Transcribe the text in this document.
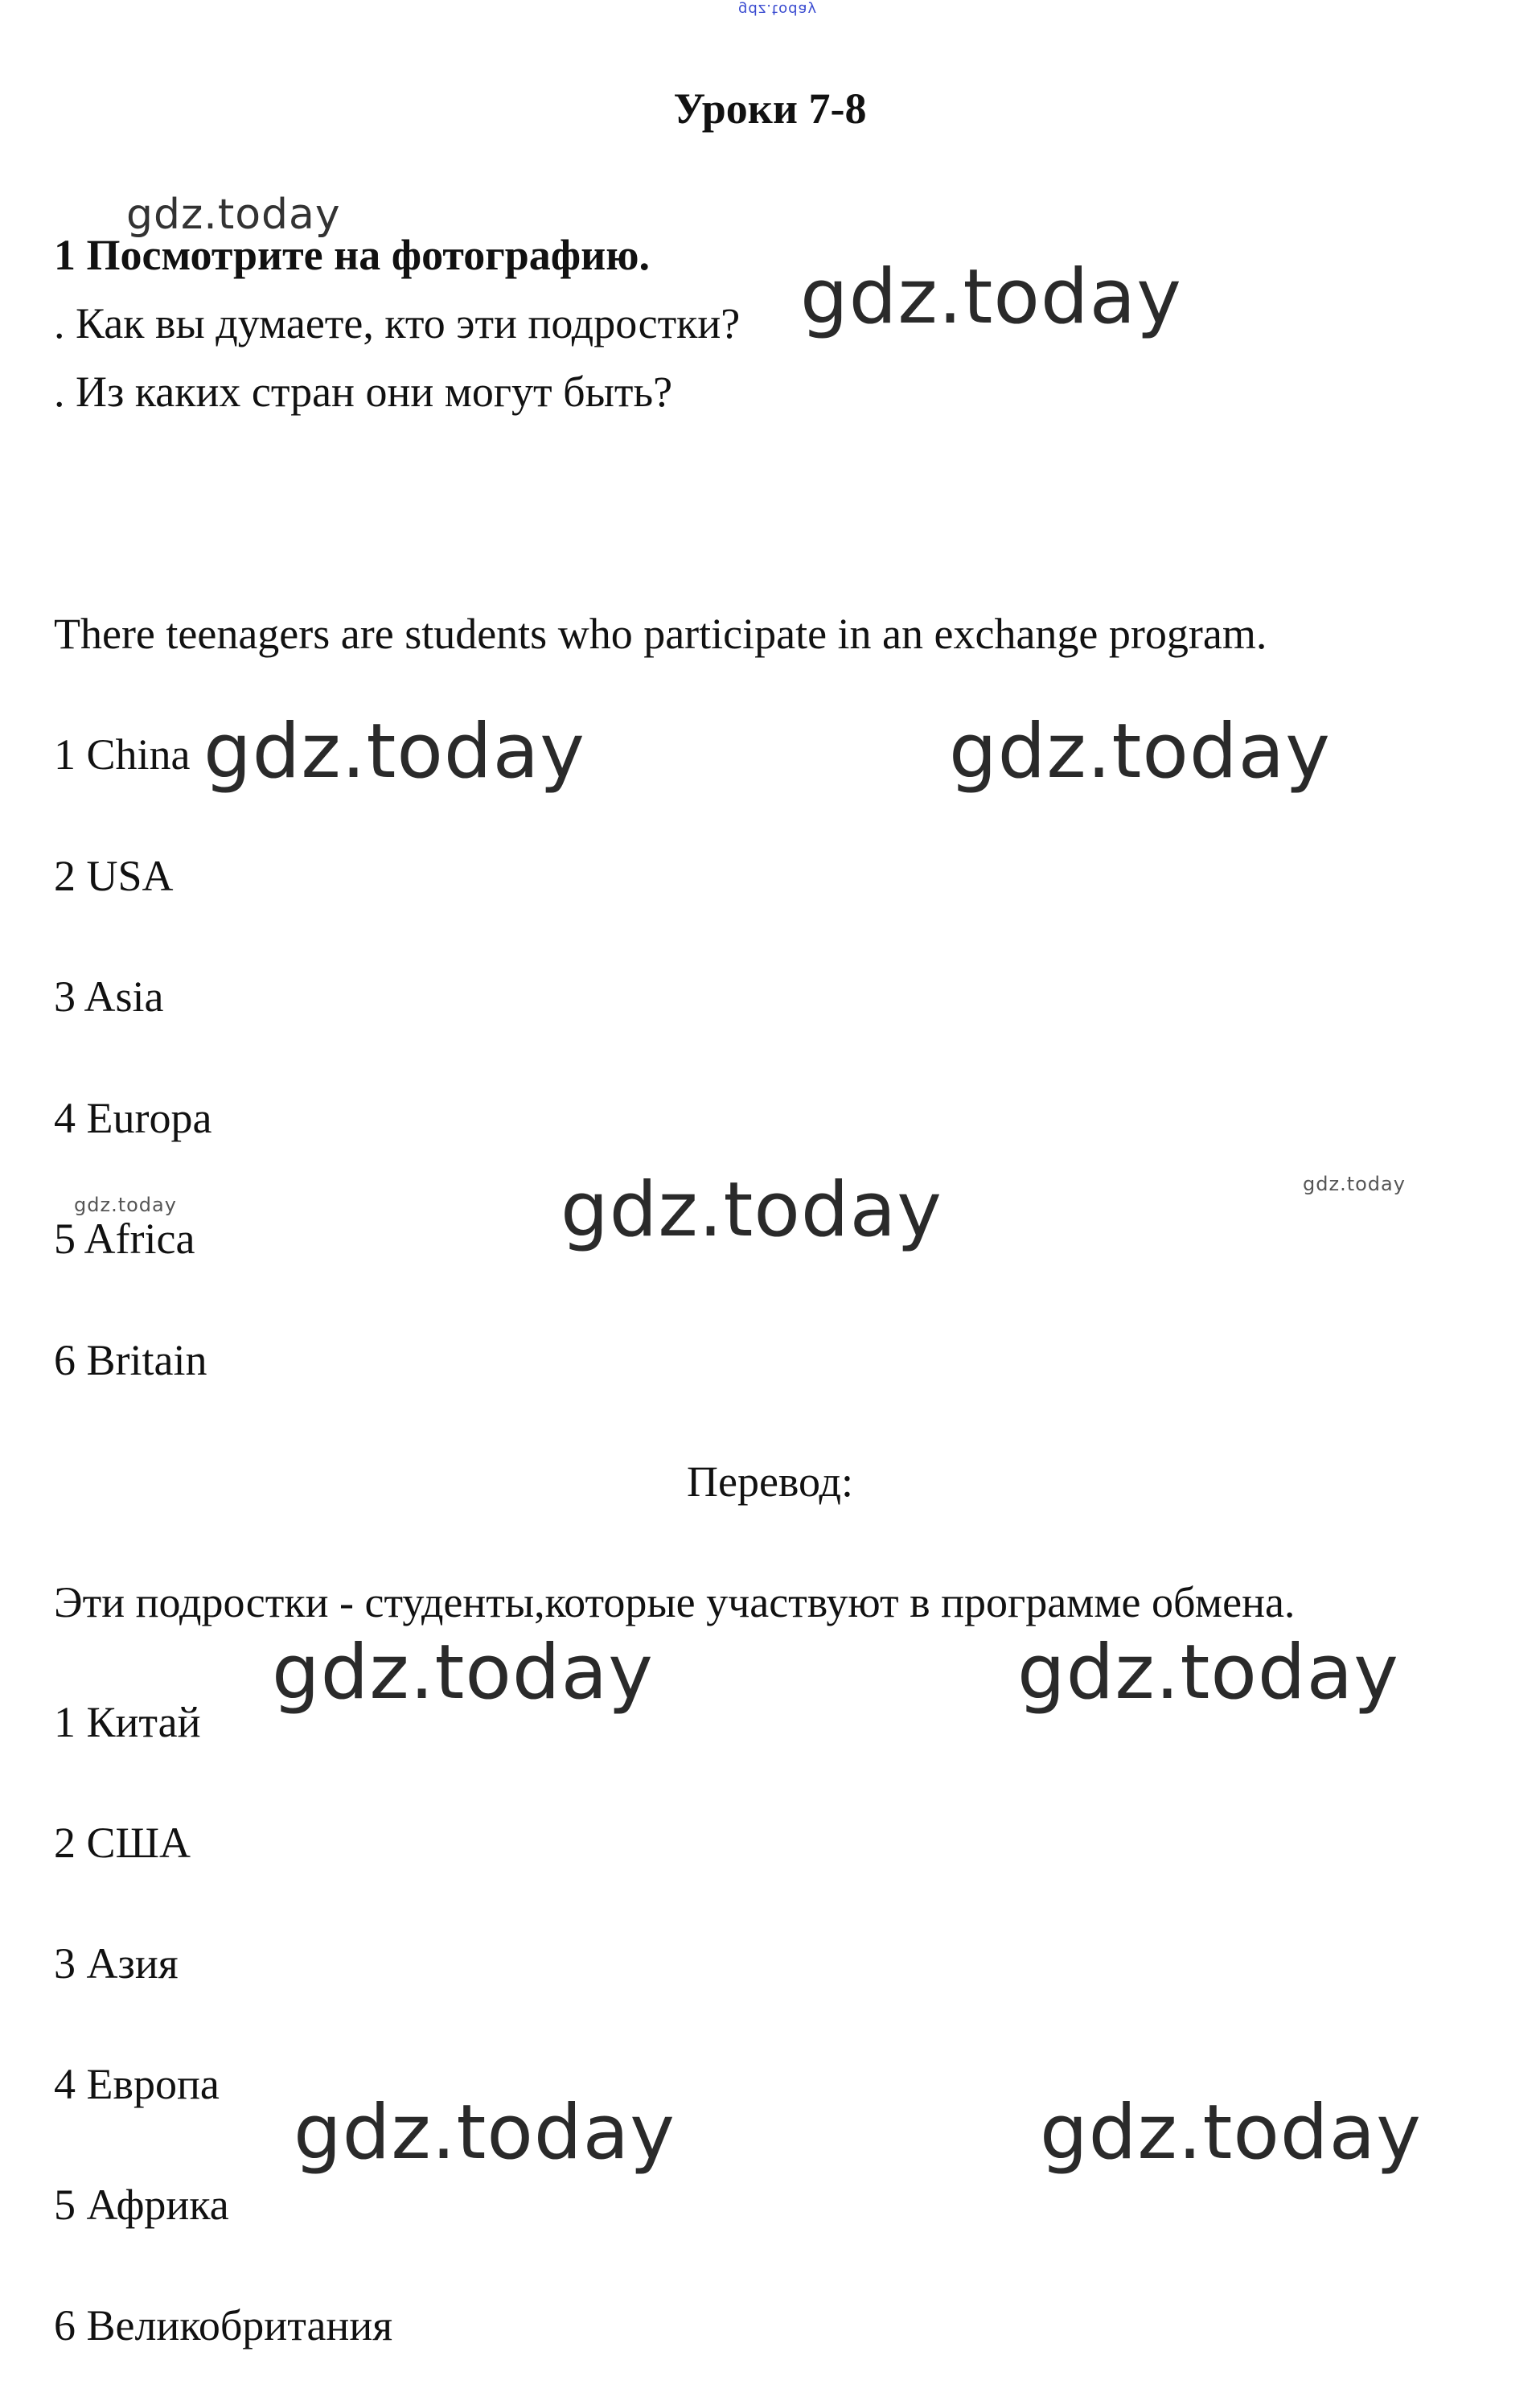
gdz.today
Уроки 7-8
1 Посмотрите на фотографию.
. Как вы думаете, кто эти подростки?
. Из каких стран они могут быть?
There teenagers are students who participate in an exchange program.
1 China
2 USA
3 Asia
4 Europa
5 Africa
6 Britain
Перевод:
Эти подростки - студенты,которые участвуют в программе обмена.
1 Китай
2 США
3 Азия
4 Европа
5 Африка
6 Великобритания
gdz.today
gdz.today
gdz.today	gdz.today
gdz.today	gdz.today	gdz.today
gdz.today	gdz.today
gdz.today	gdz.today
